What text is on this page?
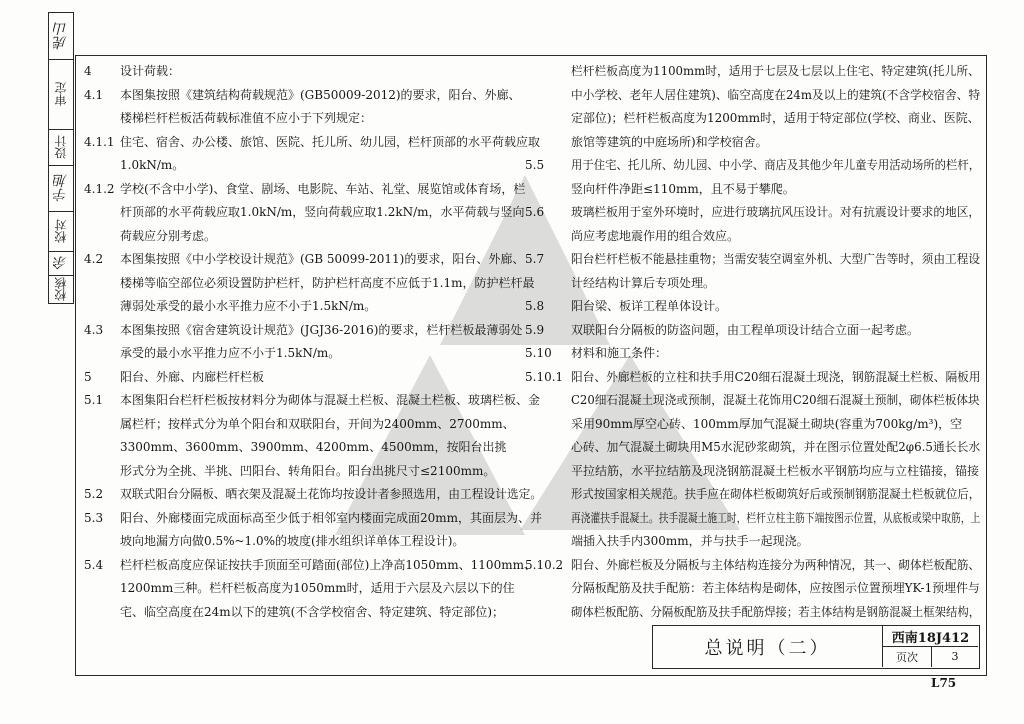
虎山
审定
设计
宇旭
校对
余
校核
4 设计荷载：
4.1 本图集按照《建筑结构荷载规范》(GB50009-2012)的要求，阳台、外廊、
楼梯栏杆栏板活荷载标准值不应小于下列规定：
4.1.1 住宅、宿舍、办公楼、旅馆、医院、托儿所、幼儿园，栏杆顶部的水平荷载应取
1.0kN/m。
4.1.2 学校(不含中小学)、食堂、剧场、电影院、车站、礼堂、展览馆或体育场，栏
杆顶部的水平荷载应取1.0kN/m，竖向荷载应取1.2kN/m，水平荷载与竖向
荷载应分别考虑。
4.2 本图集按照《中小学校设计规范》(GB 50099-2011)的要求，阳台、外廊、
楼梯等临空部位必须设置防护栏杆，防护栏杆高度不应低于1.1m，防护栏杆最
薄弱处承受的最小水平推力应不小于1.5kN/m。
4.3 本图集按照《宿舍建筑设计规范》(JGJ36-2016)的要求，栏杆栏板最薄弱处
承受的最小水平推力应不小于1.5kN/m。
5 阳台、外廊、内廊栏杆栏板
5.1 本图集阳台栏杆栏板按材料分为砌体与混凝土栏板、混凝土栏板、玻璃栏板、金
属栏杆；按样式分为单个阳台和双联阳台，开间为2400mm、2700mm、
3300mm、3600mm、3900mm、4200mm、4500mm，按阳台出挑
形式分为全挑、半挑、凹阳台、转角阳台。阳台出挑尺寸≤2100mm。
5.2 双联式阳台分隔板、晒衣架及混凝土花饰均按设计者参照选用，由工程设计选定。
5.3 阳台、外廊楼面完成面标高至少低于相邻室内楼面完成面20mm，其面层为、并
坡向地漏方向做0.5%~1.0%的坡度(排水组织详单体工程设计)。
5.4 栏杆栏板高度应保证按扶手顶面至可踏面(部位)上净高1050mm、1100mm、
1200mm三种。栏杆栏板高度为1050mm时，适用于六层及六层以下的住
宅、临空高度在24m以下的建筑(不含学校宿舍、特定建筑、特定部位)；
栏杆栏板高度为1100mm时，适用于七层及七层以上住宅、特定建筑(托儿所、
中小学校、老年人居住建筑)、临空高度在24m及以上的建筑(不含学校宿舍、特
定部位)；栏杆栏板高度为1200mm时，适用于特定部位(学校、商业、医院、
旅馆等建筑的中庭场所)和学校宿舍。
5.5 用于住宅、托儿所、幼儿园、中小学、商店及其他少年儿童专用活动场所的栏杆，
竖向杆件净距≤110mm，且不易于攀爬。
5.6 玻璃栏板用于室外环境时，应进行玻璃抗风压设计。对有抗震设计要求的地区，
尚应考虑地震作用的组合效应。
5.7 阳台栏杆栏板不能悬挂重物；当需安装空调室外机、大型广告等时，须由工程设
计经结构计算后专项处理。
5.8 阳台梁、板详工程单体设计。
5.9 双联阳台分隔板的防盗问题，由工程单项设计结合立面一起考虑。
5.10 材料和施工条件：
5.10.1 阳台、外廊栏板的立柱和扶手用C20细石混凝土现浇，钢筋混凝土栏板、隔板用
C20细石混凝土现浇或预制，混凝土花饰用C20细石混凝土预制，砌体栏板体块
采用90mm厚空心砖、100mm厚加气混凝土砌块(容重为700kg/m³)，空
心砖、加气混凝土砌块用M5水泥砂浆砌筑，并在图示位置处配2φ6.5通长长水
平拉结筋，水平拉结筋及现浇钢筋混凝土栏板水平钢筋均应与立柱锚接，锚接
形式按国家相关规范。扶手应在砌体栏板砌筑好后或预制钢筋混凝土栏板就位后，
再浇灌扶手混凝土。扶手混凝土施工时，栏杆立柱主筋下端按图示位置，从底板或梁中取筋，上
端插入扶手内300mm，并与扶手一起现浇。
5.10.2 阳台、外廊栏板及分隔板与主体结构连接分为两种情况，其一、砌体栏板配筋、
分隔板配筋及扶手配筋：若主体结构是砌体，应按图示位置预埋YK-1预埋件与
砌体栏板配筋、分隔板配筋及扶手配筋焊接；若主体结构是钢筋混凝土框架结构，
总说明（二）	西南18J412
页次	3
L75
